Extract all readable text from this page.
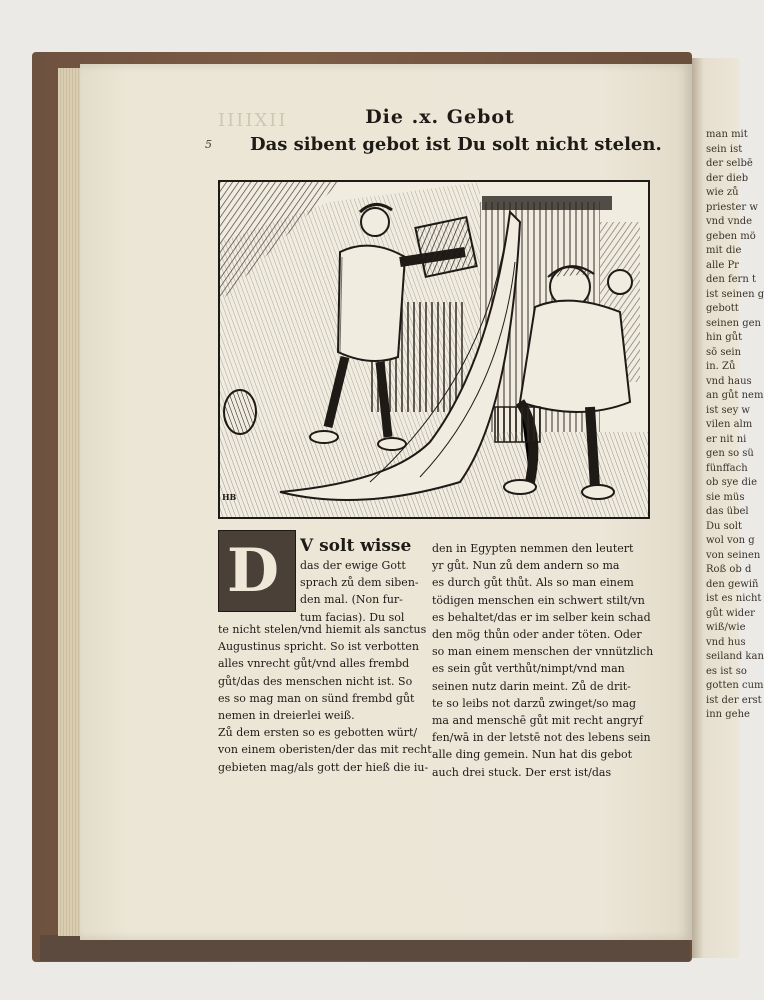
man mit
sein ist
der selbē
der dieb
wie zů
priester w
vnd vnde
geben mö
mit die
alle Pr
den fern t
ist seinen g
gebott
seinen gen
hin gůt
sō sein
in. Zů
vnd haus
an gůt nem
ist sey w
vilen alm
er nit ni
gen so sü
fünffach
ob sye die
sie müs
das übel
Du solt
wol von g
von seinen
Roß ob d
den gewiñ
ist es nicht
gůt wider
wiß/wie
vnd hus
seiland kan
es ist so
gotten cum
ist der erst
inn gehe
ΙΙΙΙΧΙΙ
5
Die .x. Gebot
Das sibent gebot ist Du solt nicht stelen.
HB
D V solt wisse
das der ewige Gott
sprach zů dem siben-
den mal. (Non fur-
tum facias). Du sol
te nicht stelen/vnd hiemit als sanctus
Augustinus spricht. So ist verbotten
alles vnrecht gůt/vnd alles frembd
gůt/das des menschen nicht ist. So
es so mag man on sünd frembd gůt
nemen in dreierlei weiß.
Zů dem ersten so es gebotten würt/
von einem oberisten/der das mit recht
gebieten mag/als gott der hieß die iu-
den in Egypten nemmen den leutert
yr gůt. Nun zů dem andern so ma
es durch gůt thůt. Als so man einem
tödigen menschen ein schwert stilt/vn
es behaltet/das er im selber kein schad
den mög thůn oder ander töten. Oder
so man einem menschen der vnnützlich
es sein gůt verthůt/nimpt/vnd man
seinen nutz darin meint. Zů de drit-
te so leibs not darzů zwinget/so mag
ma and menschē gůt mit recht angryf
fen/wā in der letstē not des lebens sein
alle ding gemein. Nun hat dis gebot
auch drei stuck. Der erst ist/das
